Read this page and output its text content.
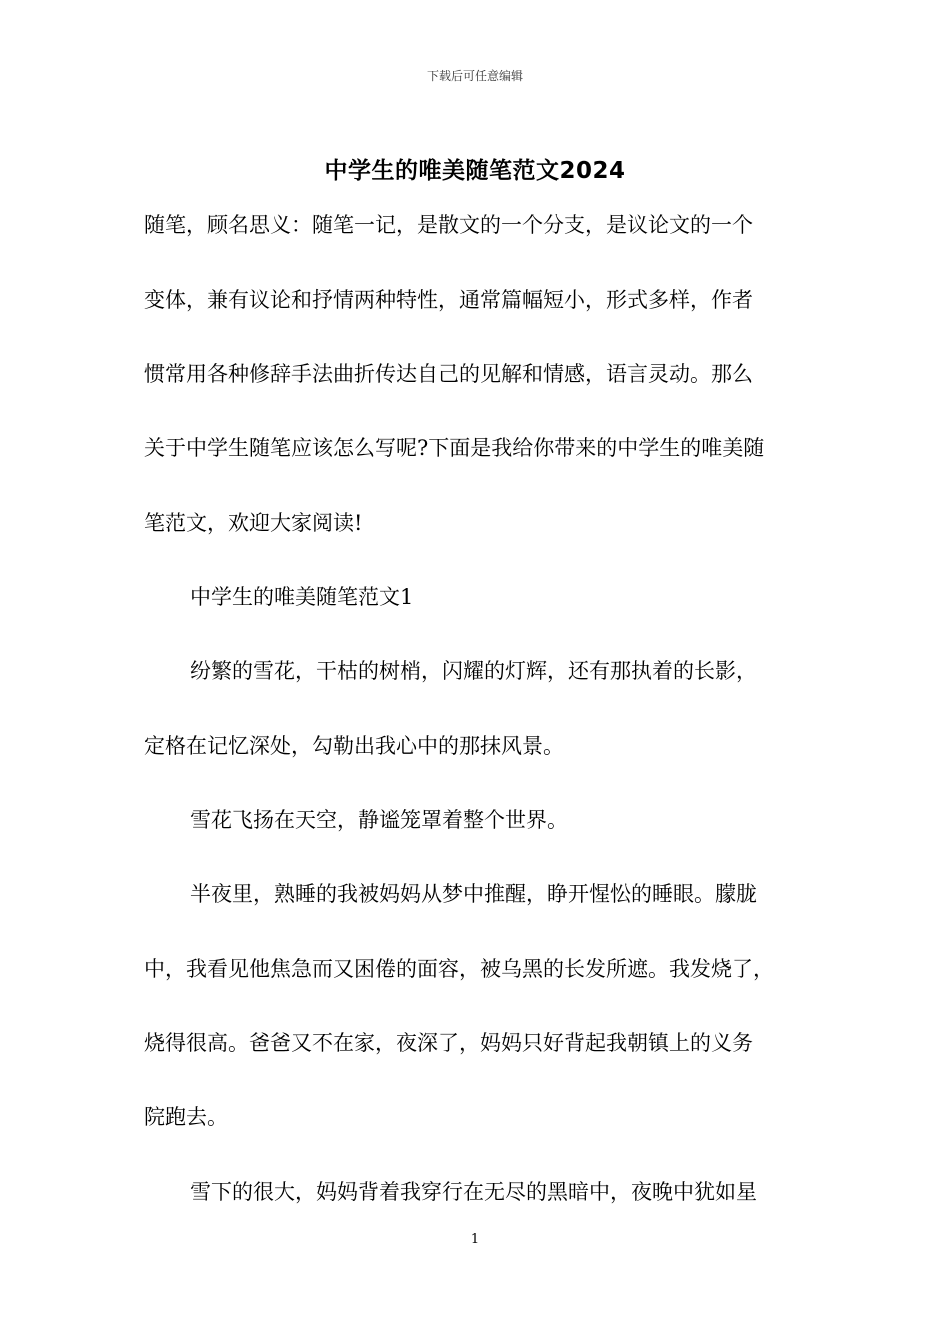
下载后可任意编辑
中学生的唯美随笔范文2024
随笔，顾名思义：随笔一记，是散文的一个分支，是议论文的一个
变体，兼有议论和抒情两种特性，通常篇幅短小，形式多样，作者
惯常用各种修辞手法曲折传达自己的见解和情感，语言灵动。那么
关于中学生随笔应该怎么写呢?下面是我给你带来的中学生的唯美随
笔范文，欢迎大家阅读!
中学生的唯美随笔范文1
纷繁的雪花，干枯的树梢，闪耀的灯辉，还有那执着的长影，
定格在记忆深处，勾勒出我心中的那抹风景。
雪花飞扬在天空，静谧笼罩着整个世界。
半夜里，熟睡的我被妈妈从梦中推醒，睁开惺忪的睡眼。朦胧
中，我看见他焦急而又困倦的面容，被乌黑的长发所遮。我发烧了，
烧得很高。爸爸又不在家，夜深了，妈妈只好背起我朝镇上的义务
院跑去。
雪下的很大，妈妈背着我穿行在无尽的黑暗中，夜晚中犹如星
1
